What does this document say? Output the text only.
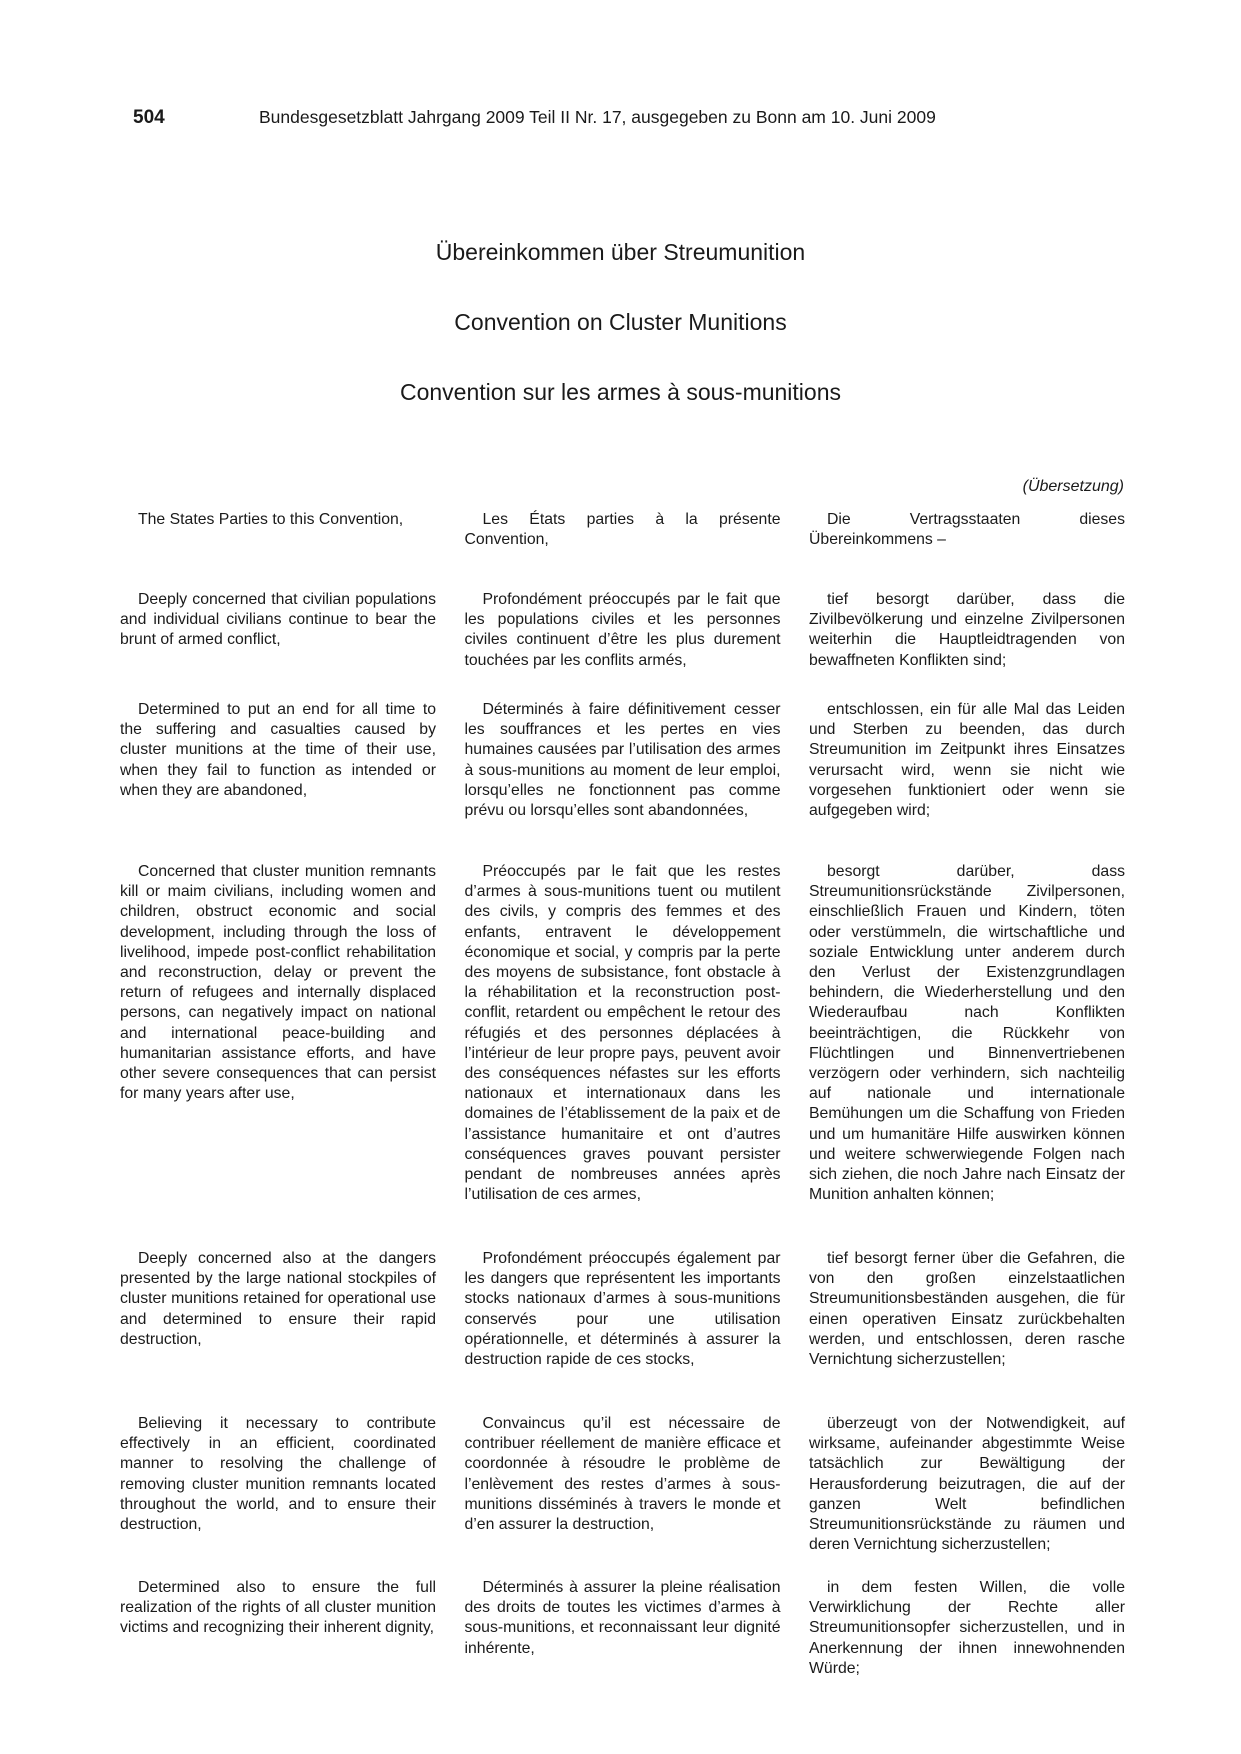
504	Bundesgesetzblatt Jahrgang 2009 Teil II Nr. 17, ausgegeben zu Bonn am 10. Juni 2009
Übereinkommen über Streumunition
Convention on Cluster Munitions
Convention sur les armes à sous-munitions
(Übersetzung)

The States Parties to this Convention,	Les États parties à la présente Convention,

Die Vertragsstaaten dieses Übereinkommens –

Deeply concerned that civilian populations and individual civilians continue to bear the brunt of armed conflict,

Profondément préoccupés par le fait que les populations civiles et les personnes civiles continuent d’être les plus durement touchées par les conflits armés,

tief besorgt darüber, dass die Zivilbevölkerung und einzelne Zivilpersonen weiterhin die Hauptleidtragenden von bewaffneten Konflikten sind;

Determined to put an end for all time to the suffering and casualties caused by cluster munitions at the time of their use, when they fail to function as intended or when they are abandoned,

Déterminés à faire définitivement cesser les souffrances et les pertes en vies humaines causées par l’utilisation des armes à sous-munitions au moment de leur emploi, lorsqu’elles ne fonctionnent pas comme prévu ou lorsqu’elles sont abandonnées,

entschlossen, ein für alle Mal das Leiden und Sterben zu beenden, das durch Streumunition im Zeitpunkt ihres Einsatzes verursacht wird, wenn sie nicht wie vorgesehen funktioniert oder wenn sie aufgegeben wird;

Concerned that cluster munition remnants kill or maim civilians, including women and children, obstruct economic and social development, including through the loss of livelihood, impede post-conflict rehabilitation and reconstruction, delay or prevent the return of refugees and internally displaced persons, can negatively impact on national and international peace-building and humanitarian assistance efforts, and have other severe consequences that can persist for many years after use,

Préoccupés par le fait que les restes d’armes à sous-munitions tuent ou mutilent des civils, y compris des femmes et des enfants, entravent le développement économique et social, y compris par la perte des moyens de subsistance, font obstacle à la réhabilitation et la reconstruction post-conflit, retardent ou empêchent le retour des réfugiés et des personnes déplacées à l’intérieur de leur propre pays, peuvent avoir des conséquences néfastes sur les efforts nationaux et internationaux dans les domaines de l’établissement de la paix et de l’assistance humanitaire et ont d’autres conséquences graves pouvant persister pendant de nombreuses années après l’utilisation de ces armes,

besorgt darüber, dass Streumunitionsrückstände Zivilpersonen, einschließlich Frauen und Kindern, töten oder verstümmeln, die wirtschaftliche und soziale Entwicklung unter anderem durch den Verlust der Existenzgrundlagen behindern, die Wiederherstellung und den Wiederaufbau nach Konflikten beeinträchtigen, die Rückkehr von Flüchtlingen und Binnenvertriebenen verzögern oder verhindern, sich nachteilig auf nationale und internationale Bemühungen um die Schaffung von Frieden und um humanitäre Hilfe auswirken können und weitere schwerwiegende Folgen nach sich ziehen, die noch Jahre nach Einsatz der Munition anhalten können;

Deeply concerned also at the dangers presented by the large national stockpiles of cluster munitions retained for operational use and determined to ensure their rapid destruction,

Profondément préoccupés également par les dangers que représentent les importants stocks nationaux d’armes à sous-munitions conservés pour une utilisation opérationnelle, et déterminés à assurer la destruction rapide de ces stocks,

tief besorgt ferner über die Gefahren, die von den großen einzelstaatlichen Streumunitionsbeständen ausgehen, die für einen operativen Einsatz zurückbehalten werden, und entschlossen, deren rasche Vernichtung sicherzustellen;

Believing it necessary to contribute effectively in an efficient, coordinated manner to resolving the challenge of removing cluster munition remnants located throughout the world, and to ensure their destruction,

Convaincus qu’il est nécessaire de contribuer réellement de manière efficace et coordonnée à résoudre le problème de l’enlèvement des restes d’armes à sous-munitions disséminés à travers le monde et d’en assurer la destruction,

überzeugt von der Notwendigkeit, auf wirksame, aufeinander abgestimmte Weise tatsächlich zur Bewältigung der Herausforderung beizutragen, die auf der ganzen Welt befindlichen Streumunitionsrückstände zu räumen und deren Vernichtung sicherzustellen;

Determined also to ensure the full realization of the rights of all cluster munition victims and recognizing their inherent dignity,

Déterminés à assurer la pleine réalisation des droits de toutes les victimes d’armes à sous-munitions, et reconnaissant leur dignité inhérente,

in dem festen Willen, die volle Verwirklichung der Rechte aller Streumunitionsopfer sicherzustellen, und in Anerkennung der ihnen innewohnenden Würde;
